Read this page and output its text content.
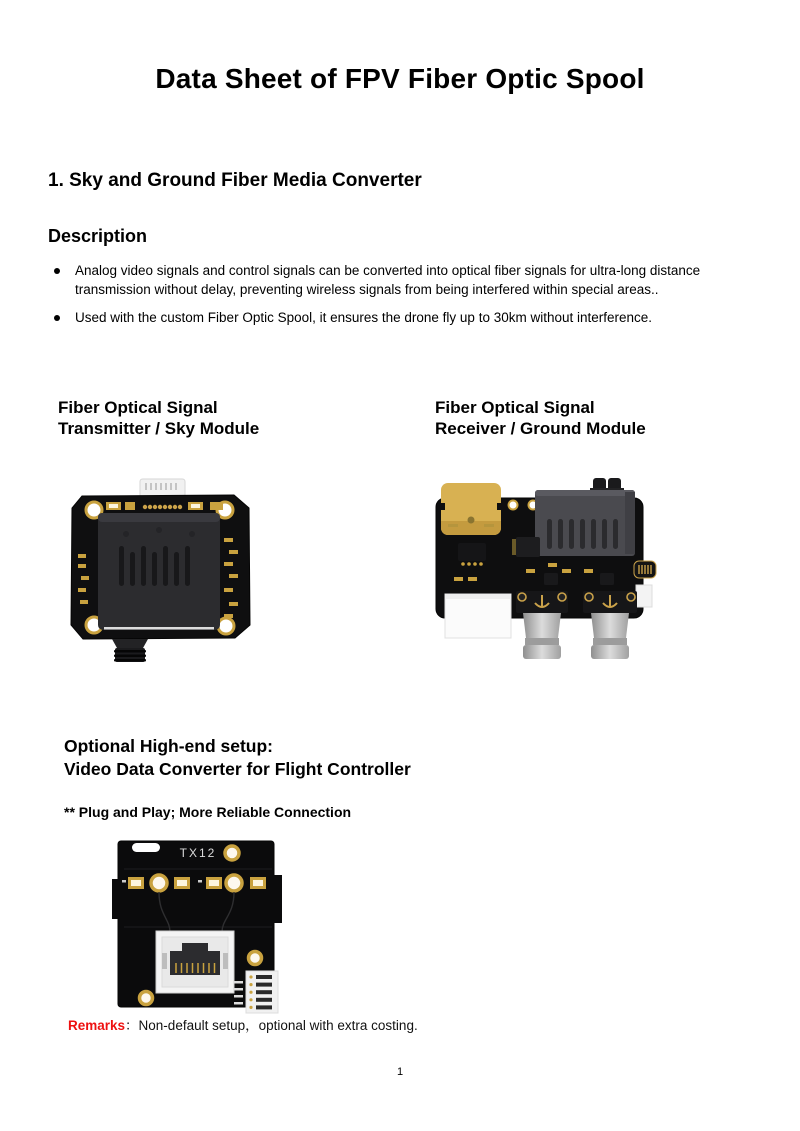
Data Sheet of FPV Fiber Optic Spool
1. Sky and Ground Fiber Media Converter
Description
Analog video signals and control signals can be converted into optical fiber signals for ultra-long distance transmission without delay, preventing wireless signals from being interfered within special areas..
Used with the custom Fiber Optic Spool, it ensures the drone fly up to 30km without interference.
Fiber Optical Signal
Transmitter / Sky Module
Fiber Optical Signal
Receiver / Ground Module
Optional High-end setup:
Video Data Converter for Flight Controller
** Plug and Play; More Reliable Connection
TX12
Remarks：Non-default setup，optional with extra costing.
1
